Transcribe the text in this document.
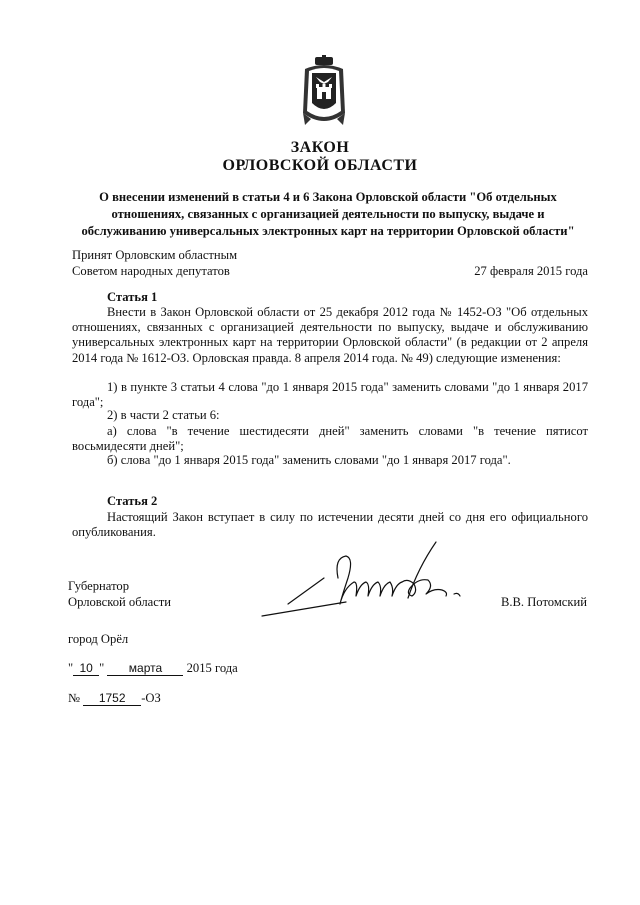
ЗАКОН
ОРЛОВСКОЙ ОБЛАСТИ
О внесении изменений в статьи 4 и 6 Закона Орловской области "Об отдельных отношениях, связанных с организацией деятельности по выпуску, выдаче и обслуживанию универсальных электронных карт на территории Орловской области"
Принят Орловским областным
Советом народных депутатов	27 февраля 2015 года
Статья 1
Внести в Закон Орловской области от 25 декабря 2012 года № 1452-ОЗ "Об отдельных отношениях, связанных с организацией деятельности по выпуску, выдаче и обслуживанию универсальных электронных карт на территории Орловской области" (в редакции от 2 апреля 2014 года № 1612-ОЗ. Орловская правда. 8 апреля 2014 года. № 49) следующие изменения:
1) в пункте 3 статьи 4 слова "до 1 января 2015 года" заменить словами "до 1 января 2017 года";
2) в части 2 статьи 6:
а) слова "в течение шестидесяти дней" заменить словами "в течение пятисот восьмидесяти дней";
б) слова "до 1 января 2015 года" заменить словами "до 1 января 2017 года".
Статья 2
Настоящий Закон вступает в силу по истечении десяти дней со дня его официального опубликования.
Губернатор
Орловской области	В.В. Потомский
город Орёл
" 10 " марта 2015 года
№ 1752 -ОЗ
